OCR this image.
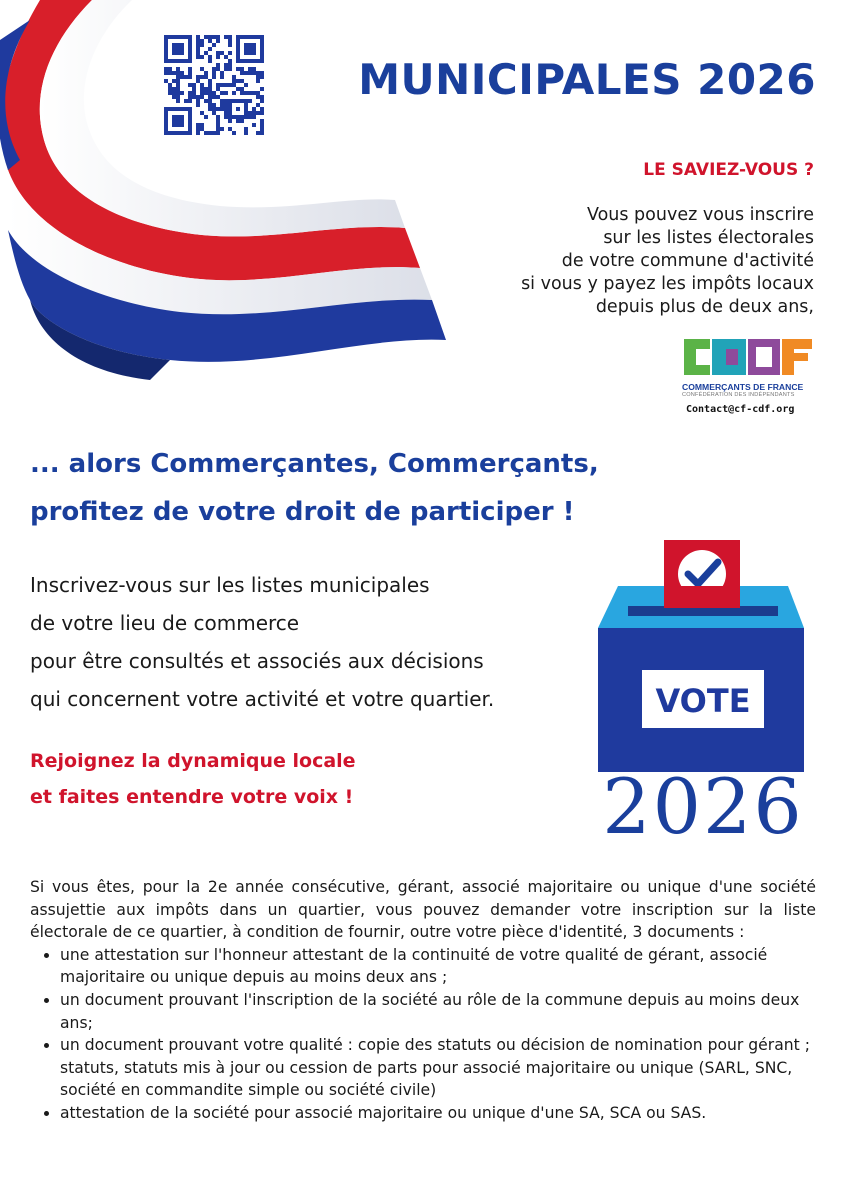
MUNICIPALES 2026
LE SAVIEZ-VOUS ?
Vous pouvez vous inscrire
sur les listes électorales
de votre commune d'activité
si vous y payez les impôts locaux
depuis plus de deux ans,
COMMERÇANTS DE FRANCE
CONFÉDÉRATION DES INDÉPENDANTS
Contact@cf-cdf.org
... alors Commerçantes, Commerçants,
profitez de votre droit de participer !
Inscrivez-vous sur les listes municipales
de votre lieu de commerce
pour être consultés et associés aux décisions
qui concernent votre activité et votre quartier.
Rejoignez la dynamique locale
et faites entendre votre voix !
VOTE
2026

Si vous êtes, pour la 2e année consécutive, gérant, associé majoritaire ou unique d'une société assujettie aux impôts dans un quartier, vous pouvez demander votre inscription sur la liste électorale de ce quartier, à condition de fournir, outre votre pièce d'identité, 3 documents :

• une attestation sur l'honneur attestant de la continuité de votre qualité de gérant, associé majoritaire ou unique depuis au moins deux ans ;
• un document prouvant l'inscription de la société au rôle de la commune depuis au moins deux ans;
• un document prouvant votre qualité : copie des statuts ou décision de nomination pour gérant ; statuts, statuts mis à jour ou cession de parts pour associé majoritaire ou unique (SARL, SNC, société en commandite simple ou société civile)
• attestation de la société pour associé majoritaire ou unique d'une SA, SCA ou SAS.
